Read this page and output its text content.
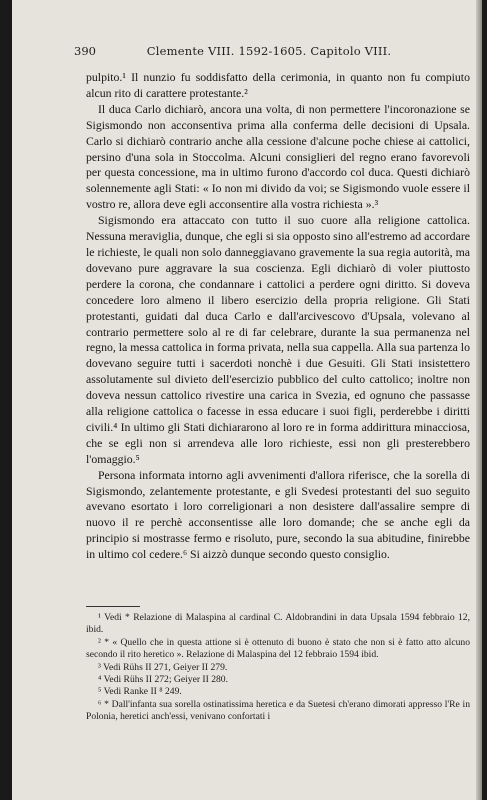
390	Clemente VIII. 1592-1605. Capitolo VIII.

pulpito.¹ Il nunzio fu soddisfatto della cerimonia, in quanto non fu compiuto alcun rito di carattere protestante.²

Il duca Carlo dichiarò, ancora una volta, di non permettere l'incoronazione se Sigismondo non acconsentiva prima alla conferma delle decisioni di Upsala. Carlo si dichiarò contrario anche alla cessione d'alcune poche chiese ai cattolici, persino d'una sola in Stoccolma. Alcuni consiglieri del regno erano favorevoli per questa concessione, ma in ultimo furono d'accordo col duca. Questi dichiarò solennemente agli Stati: « Io non mi divido da voi; se Sigismondo vuole essere il vostro re, allora deve egli acconsentire alla vostra richiesta ».³

Sigismondo era attaccato con tutto il suo cuore alla religione cattolica. Nessuna meraviglia, dunque, che egli si sia opposto sino all'estremo ad accordare le richieste, le quali non solo danneggiavano gravemente la sua regia autorità, ma dovevano pure aggravare la sua coscienza. Egli dichiarò di voler piuttosto perdere la corona, che condannare i cattolici a perdere ogni diritto. Si doveva concedere loro almeno il libero esercizio della propria religione. Gli Stati protestanti, guidati dal duca Carlo e dall'arcivescovo d'Upsala, volevano al contrario permettere solo al re di far celebrare, durante la sua permanenza nel regno, la messa cattolica in forma privata, nella sua cappella. Alla sua partenza lo dovevano seguire tutti i sacerdoti nonchè i due Gesuiti. Gli Stati insistettero assolutamente sul divieto dell'esercizio pubblico del culto cattolico; inoltre non doveva nessun cattolico rivestire una carica in Svezia, ed ognuno che passasse alla religione cattolica o facesse in essa educare i suoi figli, perderebbe i diritti civili.⁴ In ultimo gli Stati dichiararono al loro re in forma addirittura minacciosa, che se egli non si arrendeva alle loro richieste, essi non gli presterebbero l'omaggio.⁵

Persona informata intorno agli avvenimenti d'allora riferisce, che la sorella di Sigismondo, zelantemente protestante, e gli Svedesi protestanti del suo seguito avevano esortato i loro correligionari a non desistere dall'assalire sempre di nuovo il re perchè acconsentisse alle loro domande; che se anche egli da principio si mostrasse fermo e risoluto, pure, secondo la sua abitudine, finirebbe in ultimo col cedere.⁶ Si aizzò dunque secondo questo consiglio.

¹ Vedi * Relazione di Malaspina al cardinal C. Aldobrandini in data Upsala 1594 febbraio 12, ibid.

² * « Quello che in questa attione si è ottenuto di buono è stato che non si è fatto atto alcuno secondo il rito heretico ». Relazione di Malaspina del 12 febbraio 1594 ibid.

³ Vedi Rühs II 271, Geiyer II 279.

⁴ Vedi Rühs II 272; Geiyer II 280.

⁵ Vedi Ranke II ⁸ 249.

⁶ * Dall'infanta sua sorella ostinatissima heretica e da Suetesi ch'erano dimorati appresso l'Re in Polonia, heretici anch'essi, venivano confortati i
